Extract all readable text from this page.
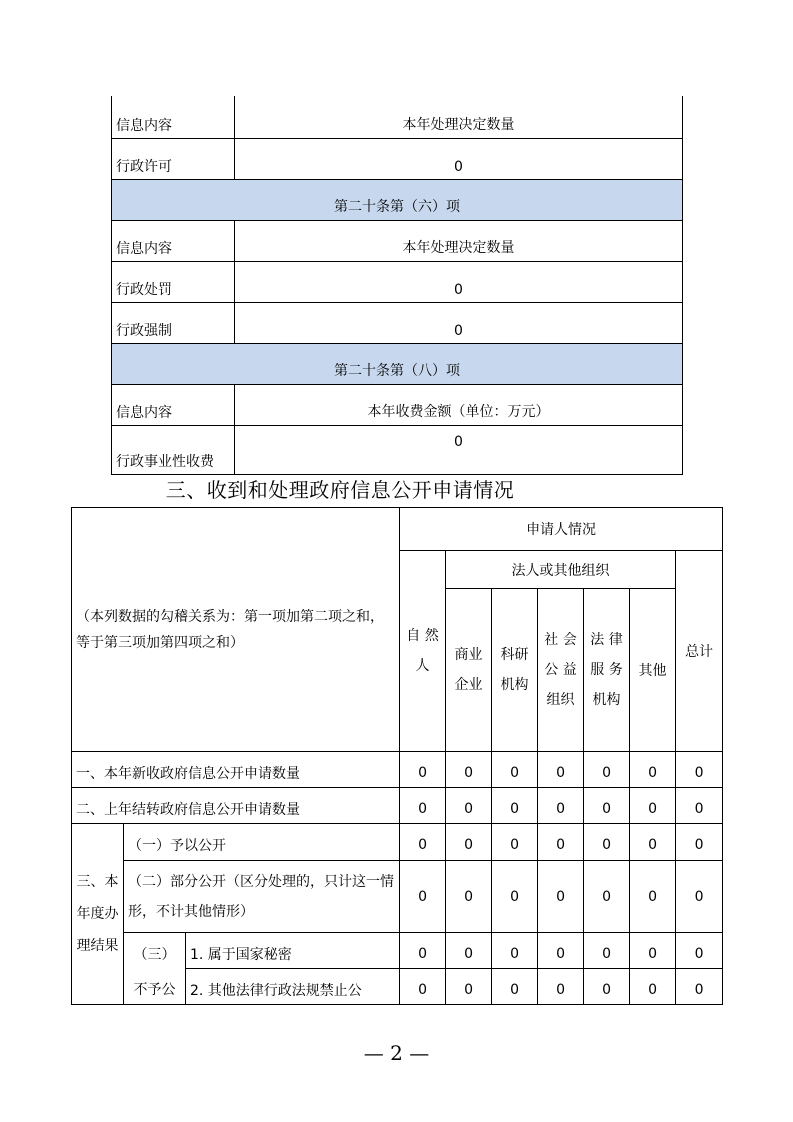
信息内容	本年处理决定数量
行政许可	0
第二十条第（六）项	
信息内容	本年处理决定数量
行政处罚	0
行政强制	0
第二十条第（八）项	
信息内容	本年收费金额（单位：万元）
行政事业性收费	0
三、收到和处理政府信息公开申请情况
（本列数据的勾稽关系为：第一项加第二项之和，等于第三项加第四项之和）			申请人情况						
			自 然 人	法人或其他组织					总计
				商业企业	科研机构	社 会 公 益 组织	法 律 服 务 机构	其他	

一、本年新收政府信息公开申请数量			0	0	0	0	0	0	0
二、上年结转政府信息公开申请数量			0	0	0	0	0	0	0
三、本年度办理结果	（一）予以公开		0	0	0	0	0	0	0
	（二）部分公开（区分处理的，只计这一情形，不计其他情形）		0	0	0	0	0	0	0
	（三）	1. 属于国家秘密	0	0	0	0	0	0	0
	不予公	2. 其他法律行政法规禁止公	0	0	0	0	0	0	0
— 2 —
